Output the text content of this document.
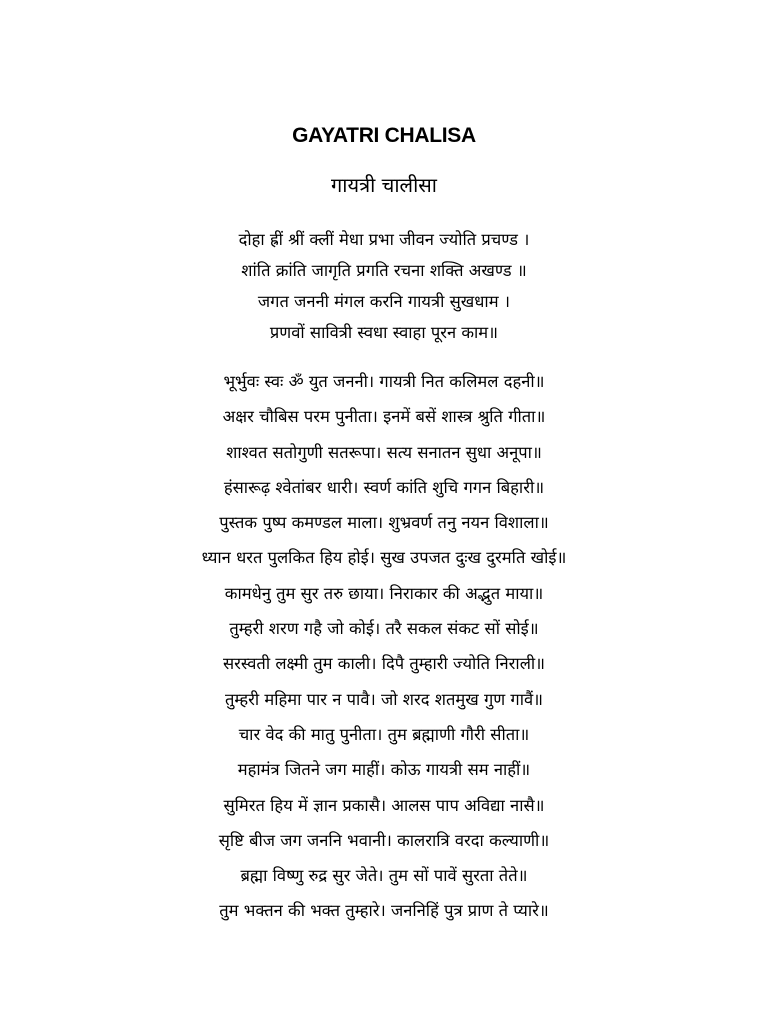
GAYATRI CHALISA
गायत्री चालीसा
दोहा ह्रीं श्रीं क्लीं मेधा प्रभा जीवन ज्योति प्रचण्ड ।
शांति क्रांति जागृति प्रगति रचना शक्ति अखण्ड ॥
जगत जननी मंगल करनि गायत्री सुखधाम ।
प्रणवों सावित्री स्वधा स्वाहा पूरन काम॥
भूर्भुवः स्वः ॐ युत जननी। गायत्री नित कलिमल दहनी॥
अक्षर चौबिस परम पुनीता। इनमें बसें शास्त्र श्रुति गीता॥
शाश्वत सतोगुणी सतरूपा। सत्य सनातन सुधा अनूपा॥
हंसारूढ़ श्वेतांबर धारी। स्वर्ण कांति शुचि गगन बिहारी॥
पुस्तक पुष्प कमण्डल माला। शुभ्रवर्ण तनु नयन विशाला॥
ध्यान धरत पुलकित हिय होई। सुख उपजत दुःख दुरमति खोई॥
कामधेनु तुम सुर तरु छाया। निराकार की अद्भुत माया॥
तुम्हरी शरण गहै जो कोई। तरै सकल संकट सों सोई॥
सरस्वती लक्ष्मी तुम काली। दिपै तुम्हारी ज्योति निराली॥
तुम्हरी महिमा पार न पावै। जो शरद शतमुख गुण गावैं॥
चार वेद की मातु पुनीता। तुम ब्रह्माणी गौरी सीता॥
महामंत्र जितने जग माहीं। कोऊ गायत्री सम नाहीं॥
सुमिरत हिय में ज्ञान प्रकासै। आलस पाप अविद्या नासै॥
सृष्टि बीज जग जननि भवानी। कालरात्रि वरदा कल्याणी॥
ब्रह्मा विष्णु रुद्र सुर जेते। तुम सों पावें सुरता तेते॥
तुम भक्तन की भक्त तुम्हारे। जननिहिं पुत्र प्राण ते प्यारे॥
